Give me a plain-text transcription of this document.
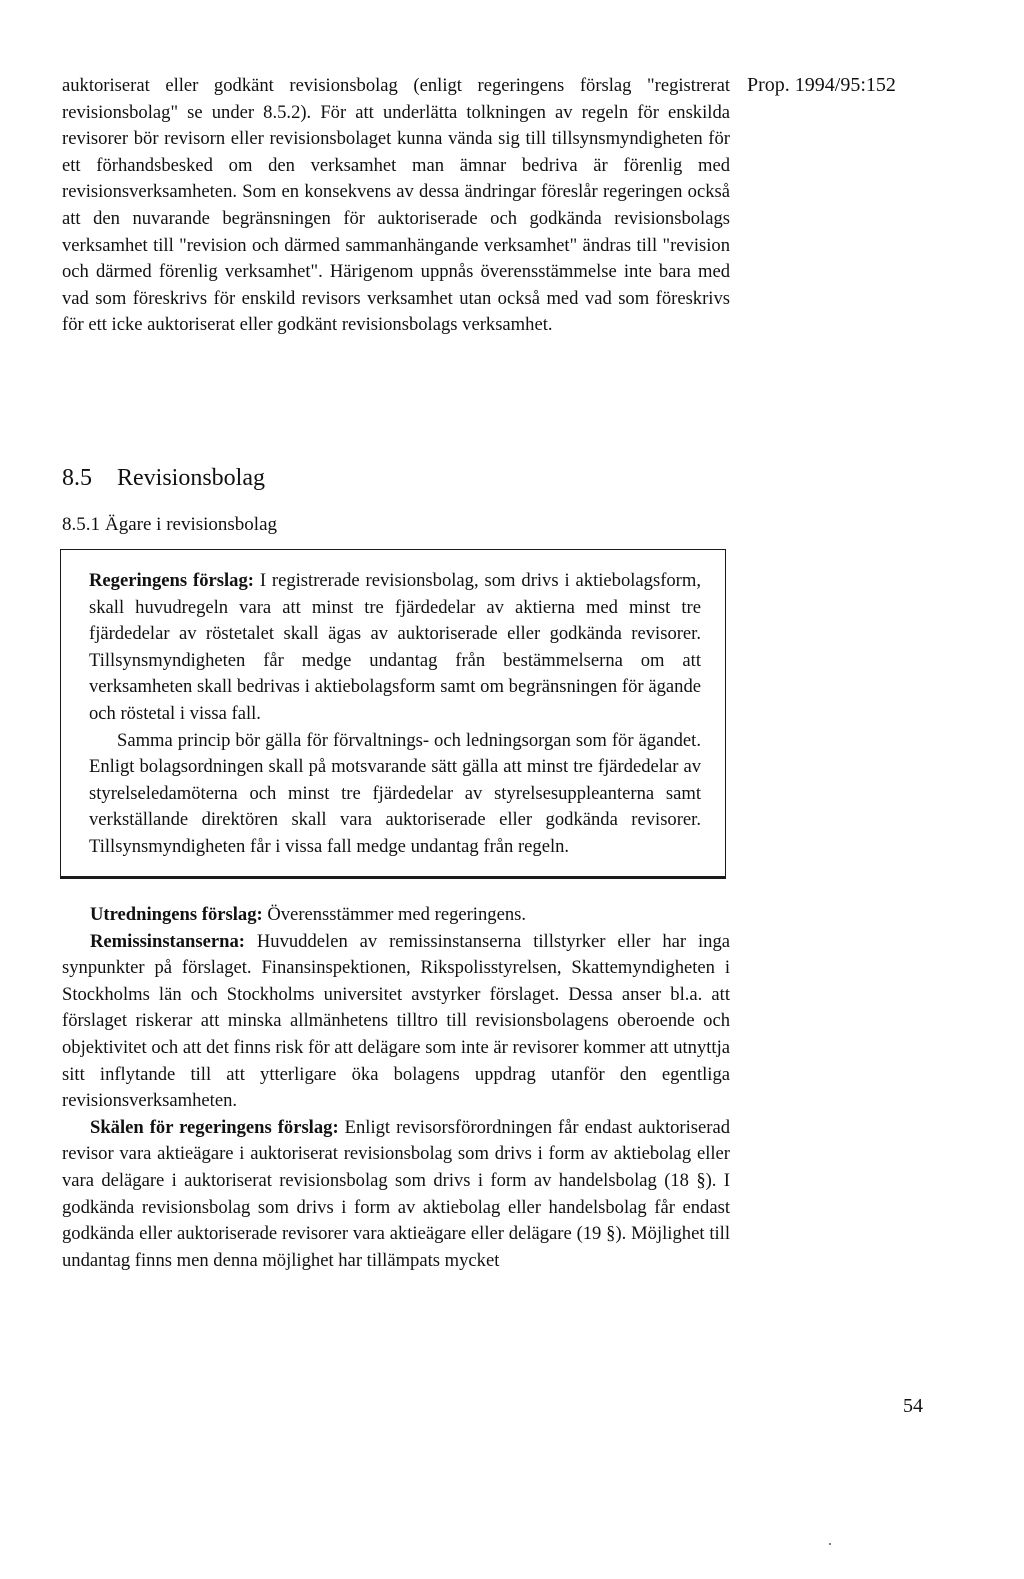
Prop. 1994/95:152

auktoriserat eller godkänt revisionsbolag (enligt regeringens förslag "registrerat revisionsbolag" se under 8.5.2). För att underlätta tolkningen av regeln för enskilda revisorer bör revisorn eller revisionsbolaget kunna vända sig till tillsynsmyndigheten för ett förhandsbesked om den verksamhet man ämnar bedriva är förenlig med revisionsverksamheten. Som en konsekvens av dessa ändringar föreslår regeringen också att den nuvarande begränsningen för auktoriserade och godkända revisionsbolags verksamhet till "revision och därmed sammanhängande verksamhet" ändras till "revision och därmed förenlig verksamhet". Härigenom uppnås överensstämmelse inte bara med vad som föreskrivs för enskild revisors verksamhet utan också med vad som föreskrivs för ett icke auktoriserat eller godkänt revisionsbolags verksamhet.

8.5 Revisionsbolag
8.5.1 Ägare i revisionsbolag

Regeringens förslag: I registrerade revisionsbolag, som drivs i aktiebolagsform, skall huvudregeln vara att minst tre fjärdedelar av aktierna med minst tre fjärdedelar av röstetalet skall ägas av auktoriserade eller godkända revisorer. Tillsynsmyndigheten får medge undantag från bestämmelserna om att verksamheten skall bedrivas i aktiebolagsform samt om begränsningen för ägande och röstetal i vissa fall.

Samma princip bör gälla för förvaltnings- och ledningsorgan som för ägandet. Enligt bolagsordningen skall på motsvarande sätt gälla att minst tre fjärdedelar av styrelseledamöterna och minst tre fjärdedelar av styrelsesuppleanterna samt verkställande direktören skall vara auktoriserade eller godkända revisorer. Tillsynsmyndigheten får i vissa fall medge undantag från regeln.

Utredningens förslag: Överensstämmer med regeringens.

Remissinstanserna: Huvuddelen av remissinstanserna tillstyrker eller har inga synpunkter på förslaget. Finansinspektionen, Rikspolisstyrelsen, Skattemyndigheten i Stockholms län och Stockholms universitet avstyrker förslaget. Dessa anser bl.a. att förslaget riskerar att minska allmänhetens tilltro till revisionsbolagens oberoende och objektivitet och att det finns risk för att delägare som inte är revisorer kommer att utnyttja sitt inflytande till att ytterligare öka bolagens uppdrag utanför den egentliga revisionsverksamheten.

Skälen för regeringens förslag: Enligt revisorsförordningen får endast auktoriserad revisor vara aktieägare i auktoriserat revisionsbolag som drivs i form av aktiebolag eller vara delägare i auktoriserat revisionsbolag som drivs i form av handelsbolag (18 §). I godkända revisionsbolag som drivs i form av aktiebolag eller handelsbolag får endast godkända eller auktoriserade revisorer vara aktieägare eller delägare (19 §). Möjlighet till undantag finns men denna möjlighet har tillämpats mycket

54
